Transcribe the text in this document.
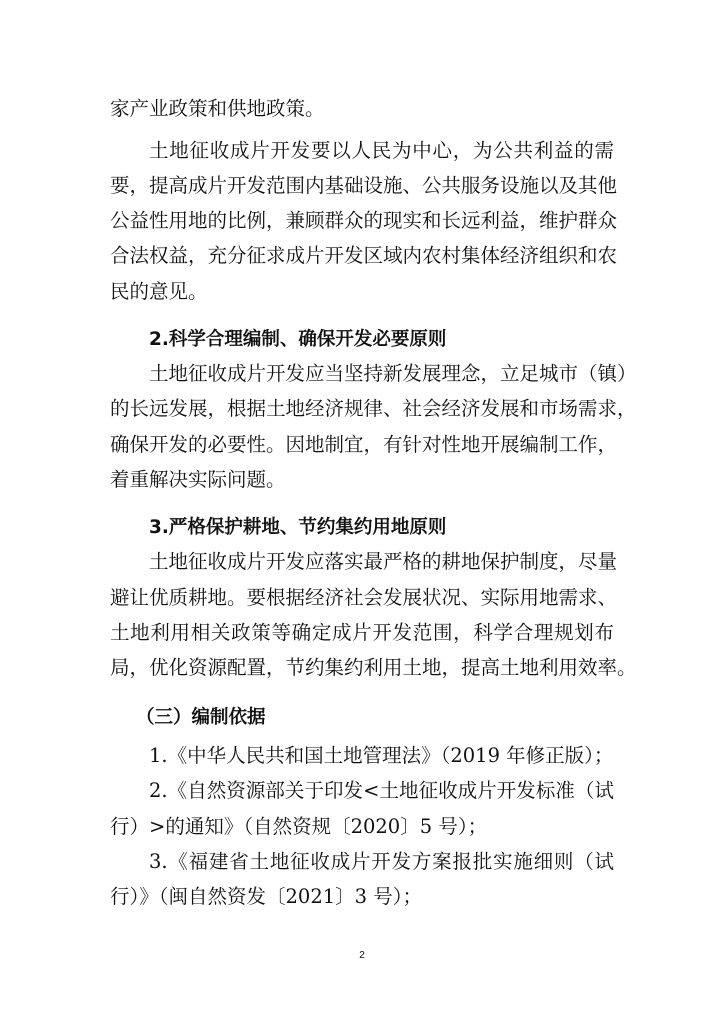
家产业政策和供地政策。
土地征收成片开发要以人民为中心，为公共利益的需
要，提高成片开发范围内基础设施、公共服务设施以及其他
公益性用地的比例，兼顾群众的现实和长远利益，维护群众
合法权益，充分征求成片开发区域内农村集体经济组织和农
民的意见。
2.科学合理编制、确保开发必要原则
土地征收成片开发应当坚持新发展理念，立足城市（镇）
的长远发展，根据土地经济规律、社会经济发展和市场需求，
确保开发的必要性。因地制宜，有针对性地开展编制工作，
着重解决实际问题。
3.严格保护耕地、节约集约用地原则
土地征收成片开发应落实最严格的耕地保护制度，尽量
避让优质耕地。要根据经济社会发展状况、实际用地需求、
土地利用相关政策等确定成片开发范围，科学合理规划布
局，优化资源配置，节约集约利用土地，提高土地利用效率。
（三）编制依据
1.《中华人民共和国土地管理法》（2019 年修正版）；
2.《自然资源部关于印发<土地征收成片开发标准（试
行）>的通知》（自然资规〔2020〕5 号）；
3.《福建省土地征收成片开发方案报批实施细则（试
行）》（闽自然资发〔2021〕3 号）；
2
